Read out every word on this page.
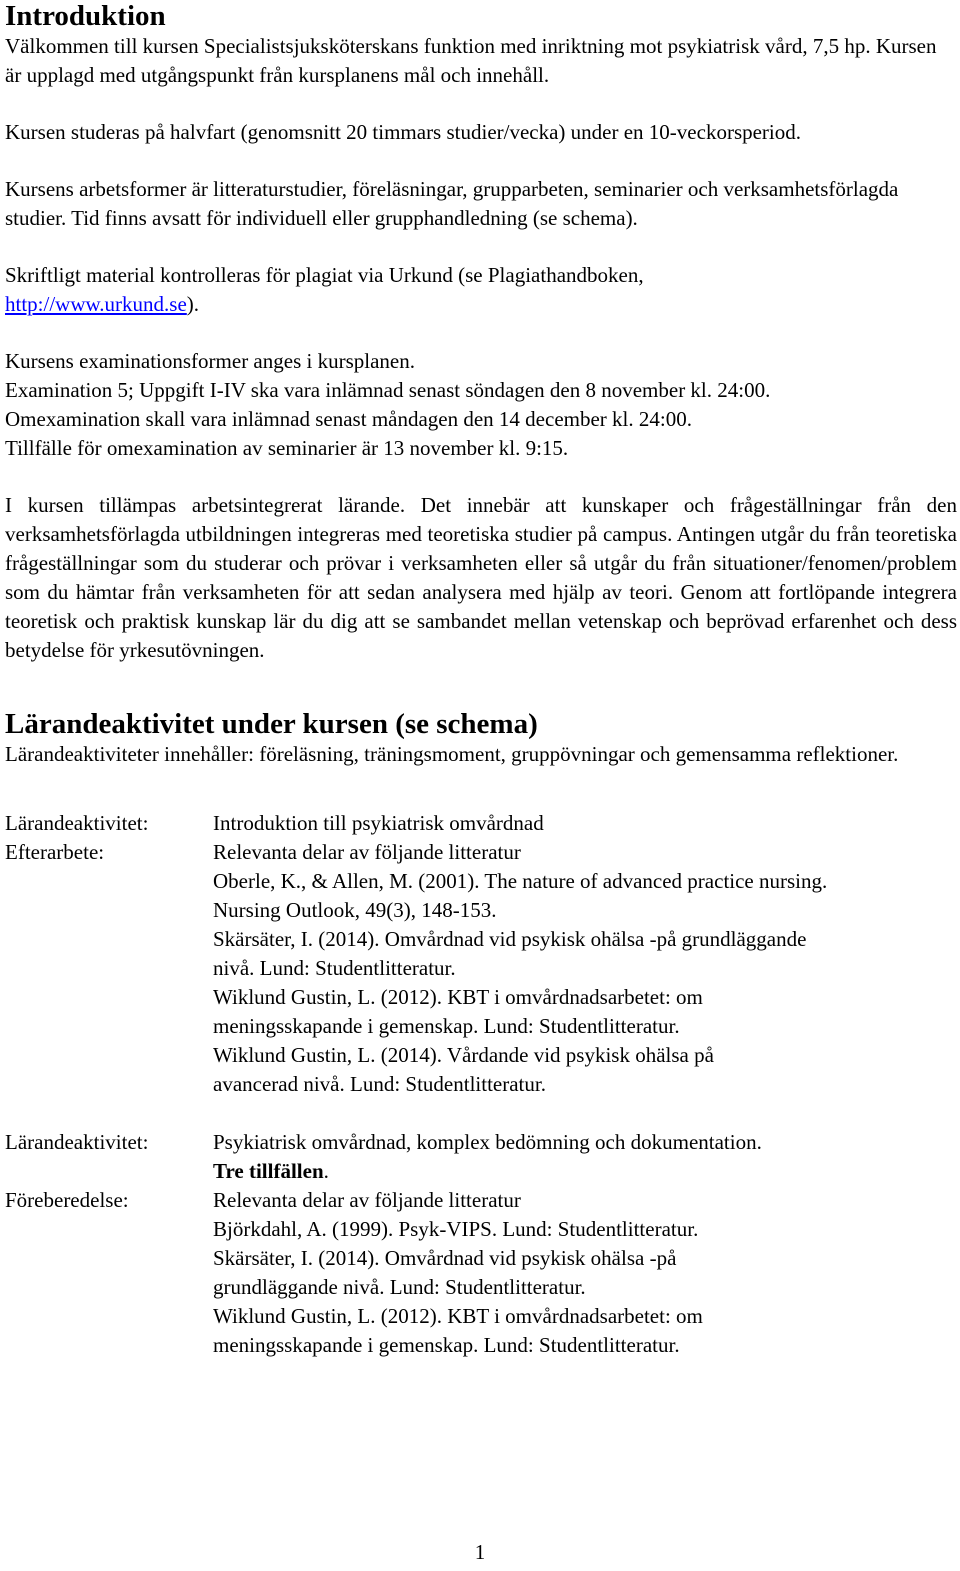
Introduktion

Välkommen till kursen Specialistsjuksköterskans funktion med inriktning mot psykiatrisk vård, 7,5 hp. Kursen är upplagd med utgångspunkt från kursplanens mål och innehåll.

Kursen studeras på halvfart (genomsnitt 20 timmars studier/vecka) under en 10-veckorsperiod.

Kursens arbetsformer är litteraturstudier, föreläsningar, grupparbeten, seminarier och verksamhetsförlagda studier. Tid finns avsatt för individuell eller grupphandledning (se schema).

Skriftligt material kontrolleras för plagiat via Urkund (se Plagiathandboken, http://www.urkund.se).

Kursens examinationsformer anges i kursplanen.

Examination 5; Uppgift I-IV ska vara inlämnad senast söndagen den 8 november kl. 24:00.

Omexamination skall vara inlämnad senast måndagen den 14 december kl. 24:00.

Tillfälle för omexamination av seminarier är 13 november kl. 9:15.

I kursen tillämpas arbetsintegrerat lärande. Det innebär att kunskaper och frågeställningar från den verksamhetsförlagda utbildningen integreras med teoretiska studier på campus. Antingen utgår du från teoretiska frågeställningar som du studerar och prövar i verksamheten eller så utgår du från situationer/fenomen/problem som du hämtar från verksamheten för att sedan analysera med hjälp av teori. Genom att fortlöpande integrera teoretisk och praktisk kunskap lär du dig att se sambandet mellan vetenskap och beprövad erfarenhet och dess betydelse för yrkesutövningen.

Lärandeaktivitet under kursen (se schema)

Lärandeaktiviteter innehåller: föreläsning, träningsmoment, gruppövningar och gemensamma reflektioner.

Lärandeaktivitet:
Efterarbete:
Introduktion till psykiatrisk omvårdnad
Relevanta delar av följande litteratur
Oberle, K., & Allen, M. (2001). The nature of advanced practice nursing.
Nursing Outlook, 49(3), 148-153.
Skärsäter, I. (2014). Omvårdnad vid psykisk ohälsa -på grundläggande
nivå. Lund: Studentlitteratur.
Wiklund Gustin, L. (2012). KBT i omvårdnadsarbetet: om
meningsskapande i gemenskap. Lund: Studentlitteratur.
Wiklund Gustin, L. (2014). Vårdande vid psykisk ohälsa på
avancerad nivå. Lund: Studentlitteratur.
Lärandeaktivitet:

Föreberedelse:
Psykiatrisk omvårdnad, komplex bedömning och dokumentation.
Tre tillfällen.
Relevanta delar av följande litteratur
Björkdahl, A. (1999). Psyk-VIPS. Lund: Studentlitteratur.
Skärsäter, I. (2014). Omvårdnad vid psykisk ohälsa -på
grundläggande nivå. Lund: Studentlitteratur.
Wiklund Gustin, L. (2012). KBT i omvårdnadsarbetet: om
meningsskapande i gemenskap. Lund: Studentlitteratur.
1
